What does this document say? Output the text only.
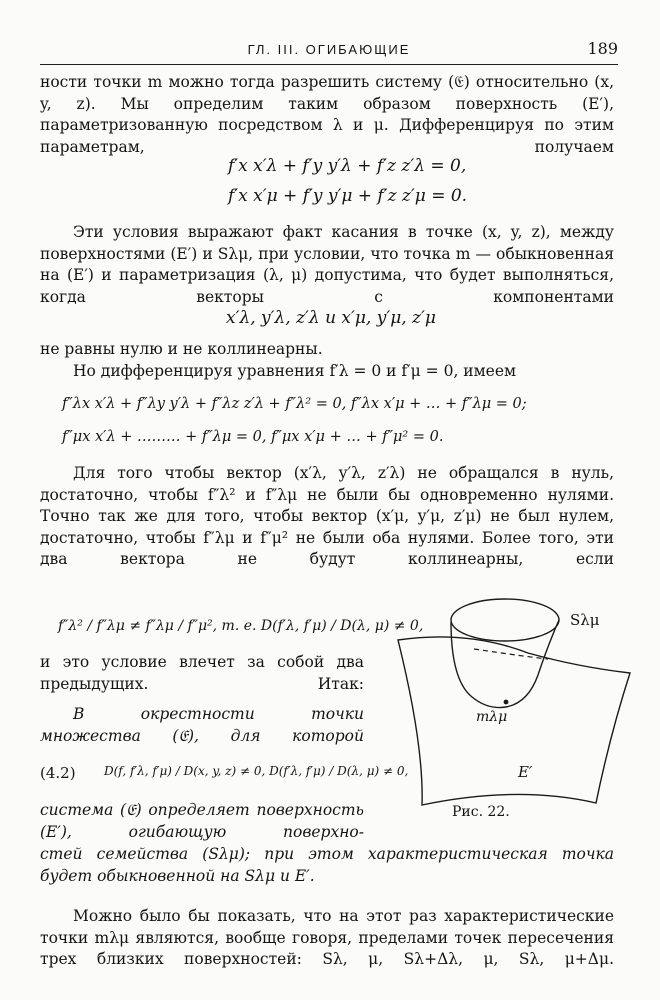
ГЛ. III. ОГИБАЮЩИЕ	189
ности точки m можно тогда разрешить систему (𝔈) относительно (x, y, z). Мы определим таким образом поверхность (E′), параметризованную посредством λ и μ. Дифференцируя по этим параметрам, получаем
f′x x′λ + f′y y′λ + f′z z′λ = 0,
f′x x′μ + f′y y′μ + f′z z′μ = 0.
Эти условия выражают факт касания в точке (x, y, z), между поверхностями (E′) и Sλμ, при условии, что точка m — обыкновенная на (E′) и параметризация (λ, μ) допустима, что будет выполняться, когда векторы с компонентами
x′λ, y′λ, z′λ и x′μ, y′μ, z′μ
не равны нулю и не коллинеарны.
Но дифференцируя уравнения f′λ = 0 и f′μ = 0, имеем
f″λx x′λ + f″λy y′λ + f″λz z′λ + f″λ² = 0, f″λx x′μ + … + f″λμ = 0;
f″μx x′λ + ……… + f″λμ = 0, f″μx x′μ + … + f″μ² = 0.
Для того чтобы вектор (x′λ, y′λ, z′λ) не обращался в нуль, достаточно, чтобы f″λ² и f″λμ не были бы одновременно нулями. Точно так же для того, чтобы вектор (x′μ, y′μ, z′μ) не был нулем, достаточно, чтобы f″λμ и f″μ² не были оба нулями. Более того, эти два вектора не будут коллинеарны, если
f″λ² / f″λμ ≠ f″λμ / f″μ², т. е. D(f′λ, f′μ) / D(λ, μ) ≠ 0,
и это условие влечет за собой два предыдущих. Итак:
В окрестности точки множества (𝔈), для которой
(4.2) D(f, f′λ, f′μ) / D(x, y, z) ≠ 0, D(f′λ, f′μ) / D(λ, μ) ≠ 0,
система (𝔈) определяет поверхность (E′), огибающую поверхно-
стей семейства (Sλμ); при этом характеристическая точка будет обыкновенной на Sλμ и E′.
Можно было бы показать, что на этот раз характеристические точки mλμ являются, вообще говоря, пределами точек пересечения трех близких поверхностей: Sλ, μ, Sλ+Δλ, μ, Sλ, μ+Δμ.
Sλμ
mλμ
E′
Рис. 22.
